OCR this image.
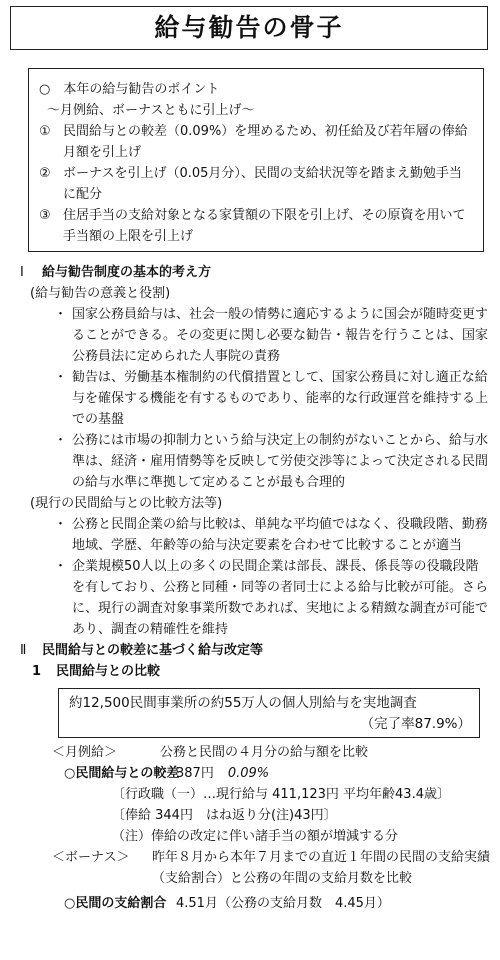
給与勧告の骨子
○　 本年の給与勧告のポイント
～月例給、ボーナスともに引上げ～
① 民間給与との較差（0.09%）を埋めるため、初任給及び若年層の俸給月額を引上げ
② ボーナスを引上げ（0.05月分）、民間の支給状況等を踏まえ勤勉手当に配分
③ 住居手当の支給対象となる家賃額の下限を引上げ、その原資を用いて手当額の上限を引上げ
Ⅰ	給与勧告制度の基本的考え方
(給与勧告の意義と役割)
・ 国家公務員給与は、社会一般の情勢に適応するように国会が随時変更することができる。その変更に関し必要な勧告・報告を行うことは、国家公務員法に定められた人事院の責務
・ 勧告は、労働基本権制約の代償措置として、国家公務員に対し適正な給与を確保する機能を有するものであり、能率的な行政運営を維持する上での基盤
・ 公務には市場の抑制力という給与決定上の制約がないことから、給与水準は、経済・雇用情勢等を反映して労使交渉等によって決定される民間の給与水準に準拠して定めることが最も合理的
(現行の民間給与との比較方法等)
・ 公務と民間企業の給与比較は、単純な平均値ではなく、役職段階、勤務地域、学歴、年齢等の給与決定要素を合わせて比較することが適当
・ 企業規模50人以上の多くの民間企業は部長、課長、係長等の役職段階を有しており、公務と同種・同等の者同士による給与比較が可能。さらに、現行の調査対象事業所数であれば、実地による精緻な調査が可能であり、調査の精確性を維持
Ⅱ	民間給与との較差に基づく給与改定等
1	民間給与との比較
約12,500民間事業所の約55万人の個人別給与を実地調査
（完了率87.9%）
＜月例給＞	公務と民間の４月分の給与額を比較
○民間給与との較差
387円 0.09%
〔行政職（一）…現行給与 411,123円 平均年齢43.4歳〕
〔俸給 344円　はね返り分(注)43円〕
（注）俸給の改定に伴い諸手当の額が増減する分
＜ボーナス＞	昨年８月から本年７月までの直近１年間の民間の支給実績（支給割合）と公務の年間の支給月数を比較
○民間の支給割合 4.51月（公務の支給月数　4.45月）
